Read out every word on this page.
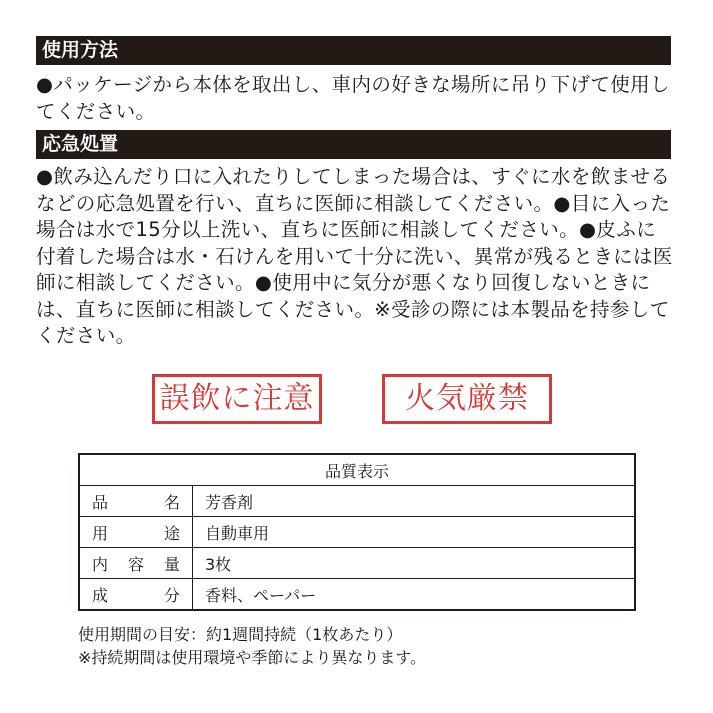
使用方法
●パッケージから本体を取出し、車内の好きな場所に吊り下げて使用してください。
応急処置
●飲み込んだり口に入れたりしてしまった場合は、すぐに水を飲ませるなどの応急処置を行い、直ちに医師に相談してください。●目に入った場合は水で15分以上洗い、直ちに医師に相談してください。●皮ふに付着した場合は水・石けんを用いて十分に洗い、異常が残るときには医師に相談してください。●使用中に気分が悪くなり回復しないときには、直ちに医師に相談してください。※受診の際には本製品を持参してください。
誤飲に注意	火気厳禁
品質表示	

品 名	芳香剤

用 途	自動車用

内 容 量	3枚

成 分	香料、ペーパー
使用期間の目安：約1週間持続（1枚あたり）
※持続期間は使用環境や季節により異なります。
